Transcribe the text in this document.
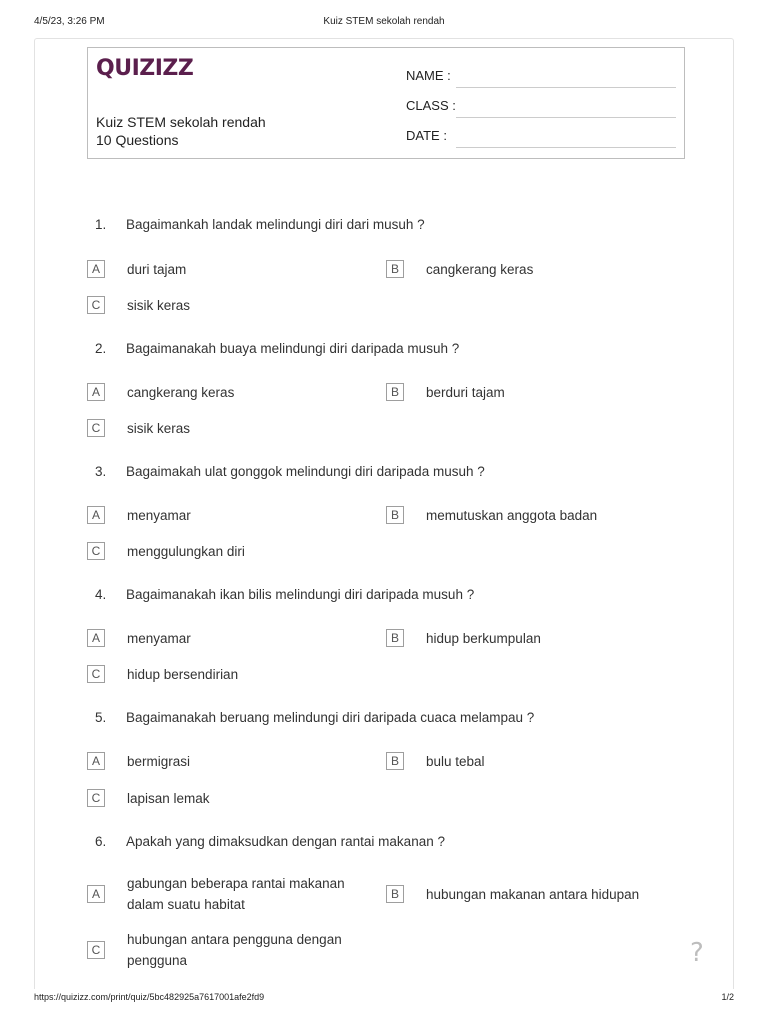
4/5/23, 3:26 PM	Kuiz STEM sekolah rendah
QUIZIZZ
Kuiz STEM sekolah rendah
10 Questions
NAME :
CLASS :
DATE :
1. Bagaimankah landak melindungi diri dari musuh ?
A	duri tajam	B	cangkerang keras
C	sisik keras
2. Bagaimanakah buaya melindungi diri daripada musuh ?
A	cangkerang keras	B	berduri tajam
C	sisik keras
3. Bagaimakah ulat gonggok melindungi diri daripada musuh ?
A	menyamar	B	memutuskan anggota badan
C	menggulungkan diri
4. Bagaimanakah ikan bilis melindungi diri daripada musuh ?
A	menyamar	B	hidup berkumpulan
C	hidup bersendirian
5. Bagaimanakah beruang melindungi diri daripada cuaca melampau ?
A	bermigrasi	B	bulu tebal
C	lapisan lemak
6. Apakah yang dimaksudkan dengan rantai makanan ?
A
gabungan beberapa rantai makanan
dalam suatu habitat
B	hubungan makanan antara hidupan
C
hubungan antara pengguna dengan
pengguna	?
https://quizizz.com/print/quiz/5bc482925a7617001afe2fd9	1/2
